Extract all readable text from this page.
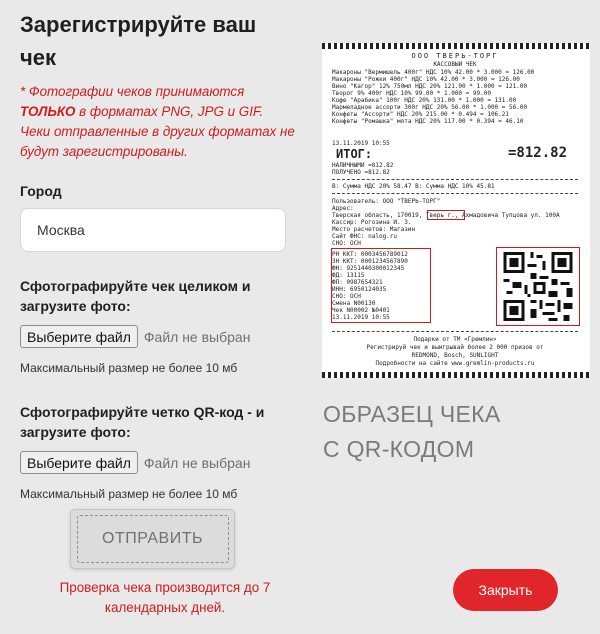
Зарегистрируйте ваш чек
* Фотографии чеков принимаются ТОЛЬКО в форматах PNG, JPG и GIF. Чеки отправленные в других форматах не будут зарегистрированы.
Город
Москва
Сфотографируйте чек целиком и загрузите фото:
Выберите файл Файл не выбран
Максимальный размер не более 10 мб
Сфотографируйте четко QR-код - и загрузите фото:
Выберите файл Файл не выбран
Максимальный размер не более 10 мб
ОТПРАВИТЬ
Проверка чека производится до 7 календарных дней.
Закрыть
ООО ТВЕРЬ-ТОРГ
КАССОВЫЙ ЧЕК
Макароны "Вермишель 400г" НДС 10% 42.00 * 3.000 = 126.00
Макароны "Рожки 400г" НДС 10% 42.00 * 3.000 = 126.00
Вино "Кагор" 12% 750мл НДС 20% 121.00 * 1.000 = 121.00
Творог 9% 400г НДС 10% 99.00 * 1.000 = 99.00
Кофе "Арабика" 100г НДС 20% 131.00 * 1.000 = 131.00
Мармеладное ассорти 300г НДС 20% 56.00 * 1.000 = 56.00
Конфеты "Ассорти" НДС 20% 215.00 * 0.494 = 106.21
Конфеты "Ромашка" мята НДС 20% 117.00 * 0.394 = 46.10
13.11.2019 10:55
ИТОГ:	=812.82
НАЛИЧНЫМИ =812.82
ПОЛУЧЕНО =812.82
В: Сумма НДС 20% 58.47 В: Сумма НДС 10% 45.81
Пользователь: ООО "ТВЕРЬ-ТОРГ"
Адрес:
Тверская область, 170019, Тверь г., Ахмадовича Тупцова ул. 100А
Кассир: Рогозина И. З.
Место расчетов: Магазин
Сайт ФНС: nalog.ru
СНО: ОСН
РН ККТ: 0003456789012
ЗН ККТ: 0001234567890
ФН: 9251440300012345
ФД: 13115
ФП: 0987654321
ИНН: 6950124035
СНО: ОСН
Смена N00130
Чек N00002 №0401
13.11.2019 10:55
Подарки от ТМ «Гремлин»
Регистрируй чек и выигрывай более 2 000 призов от
REDMOND, Bosch, SUNLIGHT
Подробности на сайте www.gremlin-products.ru
ОБРАЗЕЦ ЧЕКА
С QR-КОДОМ
